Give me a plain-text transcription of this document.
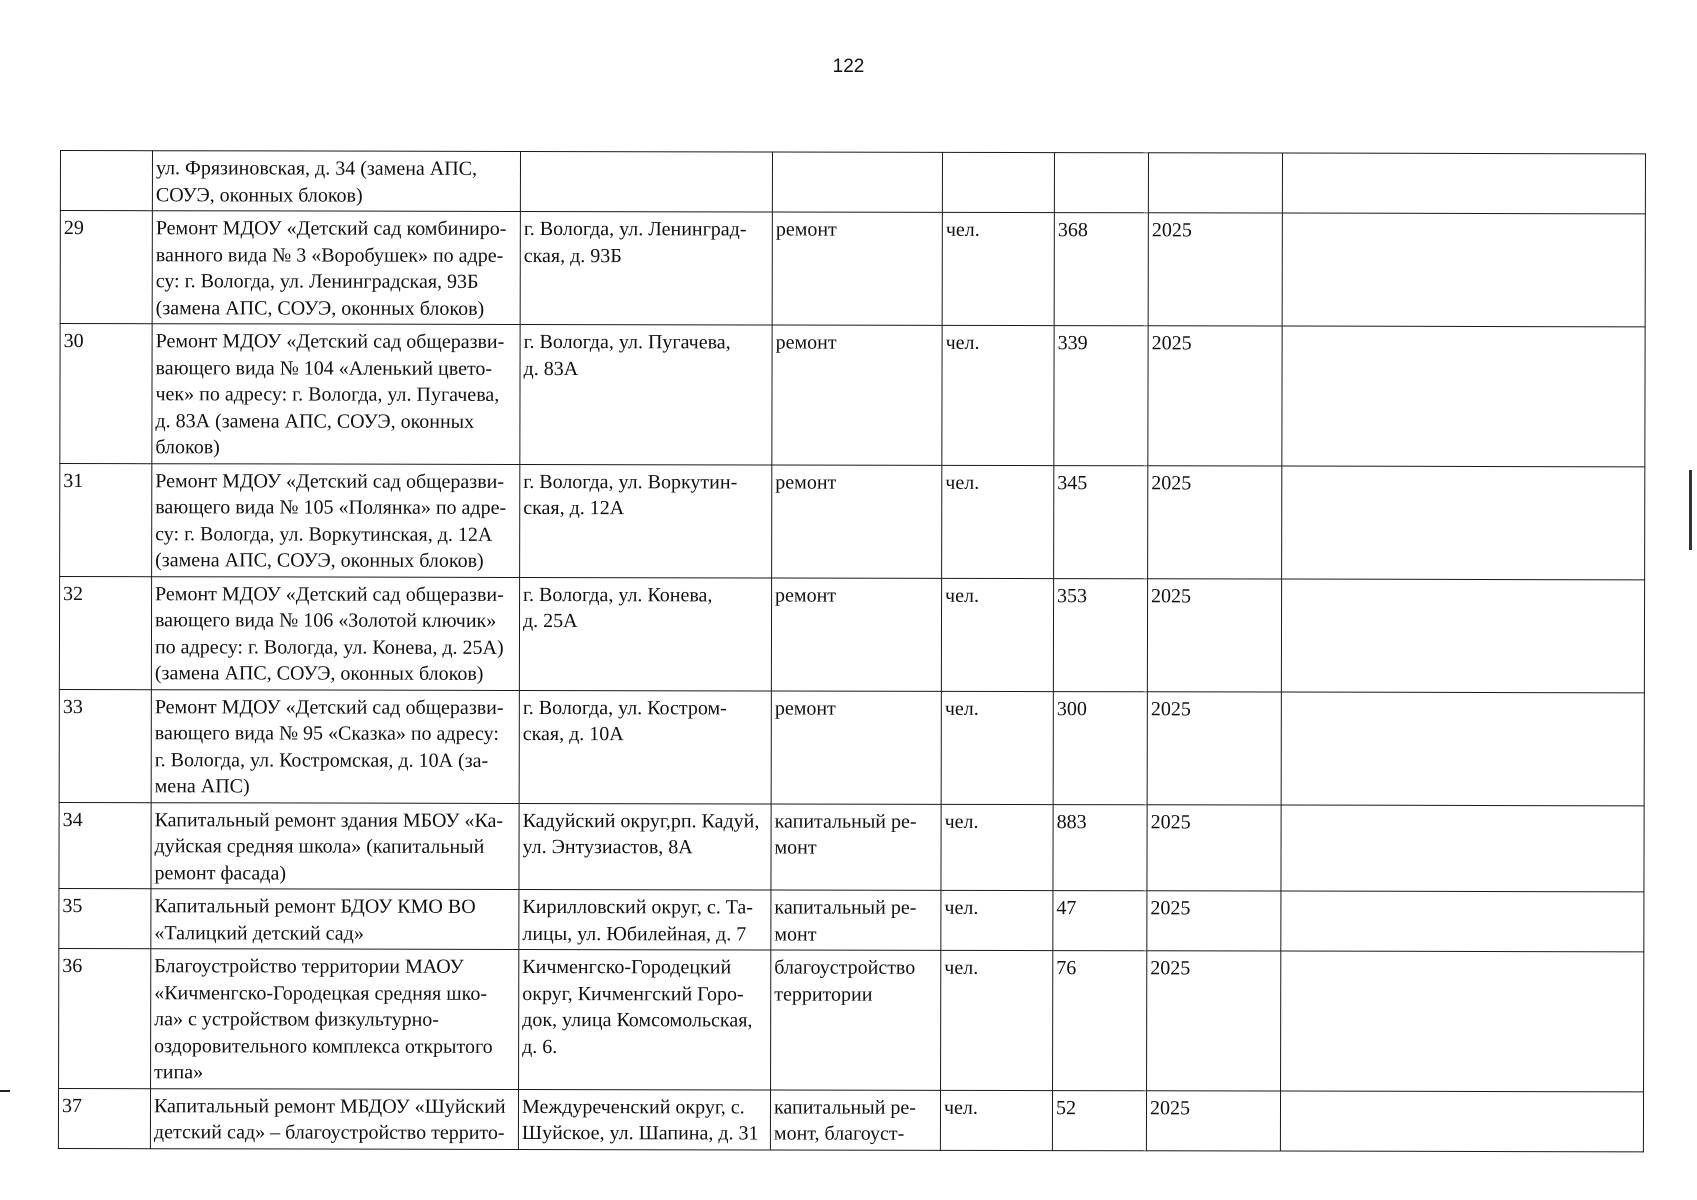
122
	ул. Фрязиновская, д. 34 (замена АПС,
СОУЭ, оконных блоков)						
29	Ремонт МДОУ «Детский сад комбиниро-
ванного вида № 3 «Воробушек» по адре-
су: г. Вологда, ул. Ленинградская, 93Б
(замена АПС, СОУЭ, оконных блоков)	г. Вологда, ул. Ленинград-
ская, д. 93Б	ремонт	чел.	368	2025	
30	Ремонт МДОУ «Детский сад общеразви-
вающего вида № 104 «Аленький цвето-
чек» по адресу: г. Вологда, ул. Пугачева,
д. 83А (замена АПС, СОУЭ, оконных
блоков)	г. Вологда, ул. Пугачева,
д. 83А	ремонт	чел.	339	2025	
31	Ремонт МДОУ «Детский сад общеразви-
вающего вида № 105 «Полянка» по адре-
су: г. Вологда, ул. Воркутинская, д. 12А
(замена АПС, СОУЭ, оконных блоков)	г. Вологда, ул. Воркутин-
ская, д. 12А	ремонт	чел.	345	2025	
32	Ремонт МДОУ «Детский сад общеразви-
вающего вида № 106 «Золотой ключик»
по адресу: г. Вологда, ул. Конева, д. 25А)
(замена АПС, СОУЭ, оконных блоков)	г. Вологда, ул. Конева,
д. 25А	ремонт	чел.	353	2025	
33	Ремонт МДОУ «Детский сад общеразви-
вающего вида № 95 «Сказка» по адресу:
г. Вологда, ул. Костромская, д. 10А (за-
мена АПС)	г. Вологда, ул. Костром-
ская, д. 10А	ремонт	чел.	300	2025	
34	Капитальный ремонт здания МБОУ «Ка-
дуйская средняя школа» (капитальный
ремонт фасада)	Кадуйский округ,рп. Кадуй,
ул. Энтузиастов, 8А	капитальный ре-
монт	чел.	883	2025	
35	Капитальный ремонт БДОУ КМО ВО
«Талицкий детский сад»	Кирилловский округ, с. Та-
лицы, ул. Юбилейная, д. 7	капитальный ре-
монт	чел.	47	2025	
36	Благоустройство территории МАОУ
«Кичменгско-Городецкая средняя шко-
ла» с устройством физкультурно-
оздоровительного комплекса открытого
типа»	Кичменгско-Городецкий
округ, Кичменгский Горо-
док, улица Комсомольская,
д. 6.	благоустройство
территории	чел.	76	2025	
37	Капитальный ремонт МБДОУ «Шуйский
детский сад» – благоустройство террито-	Междуреченский округ, с.
Шуйское, ул. Шапина, д. 31	капитальный ре-
монт, благоуст-	чел.	52	2025	
